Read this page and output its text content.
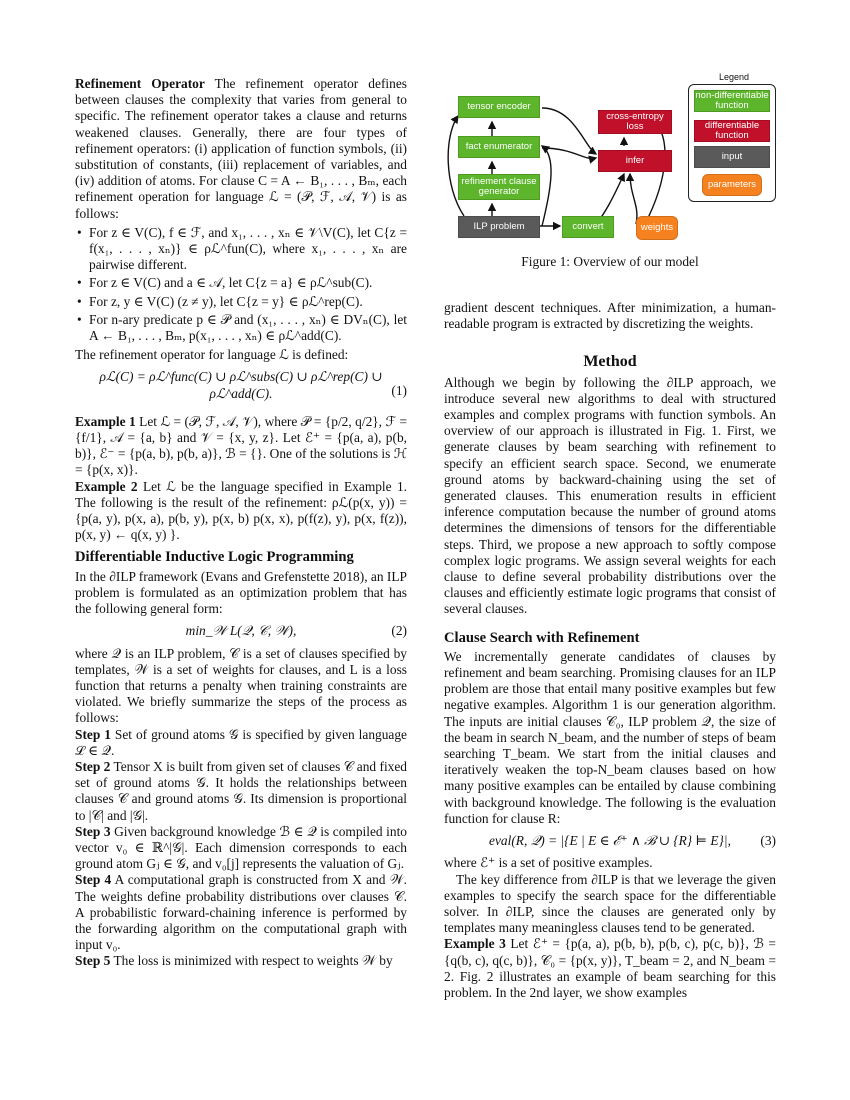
tensor encoder
fact enumerator
refinement clause generator
ILP problem	convert	weights
cross-entropy loss
infer
Legend
non-differentiable function
differentiable function
input
parameters
Figure 1: Overview of our model

Refinement Operator The refinement operator defines between clauses the complexity that varies from general to specific. The refinement operator takes a clause and returns weakened clauses. Generally, there are four types of refinement operators: (i) application of function symbols, (ii) substitution of constants, (iii) replacement of variables, and (iv) addition of atoms. For clause C = A ← B₁, . . . , Bₘ, each refinement operation for language ℒ = (𝒫, ℱ, 𝒜, 𝒱) is as follows:

• For z ∈ V(C), f ∈ ℱ, and x₁, . . . , xₙ ∈ 𝒱\V(C), let C{z = f(x₁, . . . , xₙ)} ∈ ρℒ^fun(C), where x₁, . . . , xₙ are pairwise different.
• For z ∈ V(C) and a ∈ 𝒜, let C{z = a} ∈ ρℒ^sub(C).
• For z, y ∈ V(C) (z ≠ y), let C{z = y} ∈ ρℒ^rep(C).
• For n-ary predicate p ∈ 𝒫 and (x₁, . . . , xₙ) ∈ DVₙ(C), let A ← B₁, . . . , Bₘ, p(x₁, . . . , xₙ) ∈ ρℒ^add(C).

The refinement operator for language ℒ is defined:

ρℒ(C) = ρℒ^func(C) ∪ ρℒ^subs(C) ∪ ρℒ^rep(C) ∪ ρℒ^add(C).	(1)

Example 1 Let ℒ = (𝒫, ℱ, 𝒜, 𝒱), where 𝒫 = {p/2, q/2}, ℱ = {f/1}, 𝒜 = {a, b} and 𝒱 = {x, y, z}. Let ℰ⁺ = {p(a, a), p(b, b)}, ℰ⁻ = {p(a, b), p(b, a)}, ℬ = {}. One of the solutions is ℋ = {p(x, x)}.

Example 2 Let ℒ be the language specified in Example 1. The following is the result of the refinement: ρℒ(p(x, y)) = {p(a, y), p(x, a), p(b, y), p(x, b) p(x, x), p(f(z), y), p(x, f(z)), p(x, y) ← q(x, y) }.

Differentiable Inductive Logic Programming

In the ∂ILP framework (Evans and Grefenstette 2018), an ILP problem is formulated as an optimization problem that has the following general form:

min_𝒲 L(𝒬, 𝒞, 𝒲),	(2)

where 𝒬 is an ILP problem, 𝒞 is a set of clauses specified by templates, 𝒲 is a set of weights for clauses, and L is a loss function that returns a penalty when training constraints are violated. We briefly summarize the steps of the process as follows:

Step 1 Set of ground atoms 𝒢 is specified by given language ℒ ∈ 𝒬.

Step 2 Tensor X is built from given set of clauses 𝒞 and fixed set of ground atoms 𝒢. It holds the relationships between clauses 𝒞 and ground atoms 𝒢. Its dimension is proportional to |𝒞| and |𝒢|.

Step 3 Given background knowledge ℬ ∈ 𝒬 is compiled into vector v₀ ∈ ℝ^|𝒢|. Each dimension corresponds to each ground atom Gⱼ ∈ 𝒢, and v₀[j] represents the valuation of Gⱼ.

Step 4 A computational graph is constructed from X and 𝒲. The weights define probability distributions over clauses 𝒞. A probabilistic forward-chaining inference is performed by the forwarding algorithm on the computational graph with input v₀.

Step 5 The loss is minimized with respect to weights 𝒲 by

gradient descent techniques. After minimization, a human-readable program is extracted by discretizing the weights.

Method

Although we begin by following the ∂ILP approach, we introduce several new algorithms to deal with structured examples and complex programs with function symbols. An overview of our approach is illustrated in Fig. 1. First, we generate clauses by beam searching with refinement to specify an efficient search space. Second, we enumerate ground atoms by backward-chaining using the set of generated clauses. This enumeration results in efficient inference computation because the number of ground atoms determines the dimensions of tensors for the differentiable steps. Third, we propose a new approach to softly compose complex logic programs. We assign several weights for each clause to define several probability distributions over the clauses and efficiently estimate logic programs that consist of several clauses.

Clause Search with Refinement

We incrementally generate candidates of clauses by refinement and beam searching. Promising clauses for an ILP problem are those that entail many positive examples but few negative examples. Algorithm 1 is our generation algorithm. The inputs are initial clauses 𝒞₀, ILP problem 𝒬, the size of the beam in search N_beam, and the number of steps of beam searching T_beam. We start from the initial clauses and iteratively weaken the top-N_beam clauses based on how many positive examples can be entailed by clause combining with background knowledge. The following is the evaluation function for clause R:

eval(R, 𝒬) = |{E | E ∈ ℰ⁺ ∧ ℬ ∪ {R} ⊨ E}|, (3)

where ℰ⁺ is a set of positive examples.

The key difference from ∂ILP is that we leverage the given examples to specify the search space for the differentiable solver. In ∂ILP, since the clauses are generated only by templates many meaningless clauses tend to be generated.

Example 3 Let ℰ⁺ = {p(a, a), p(b, b), p(b, c), p(c, b)}, ℬ = {q(b, c), q(c, b)}, 𝒞₀ = {p(x, y)}, T_beam = 2, and N_beam = 2. Fig. 2 illustrates an example of beam searching for this problem. In the 2nd layer, we show examples
